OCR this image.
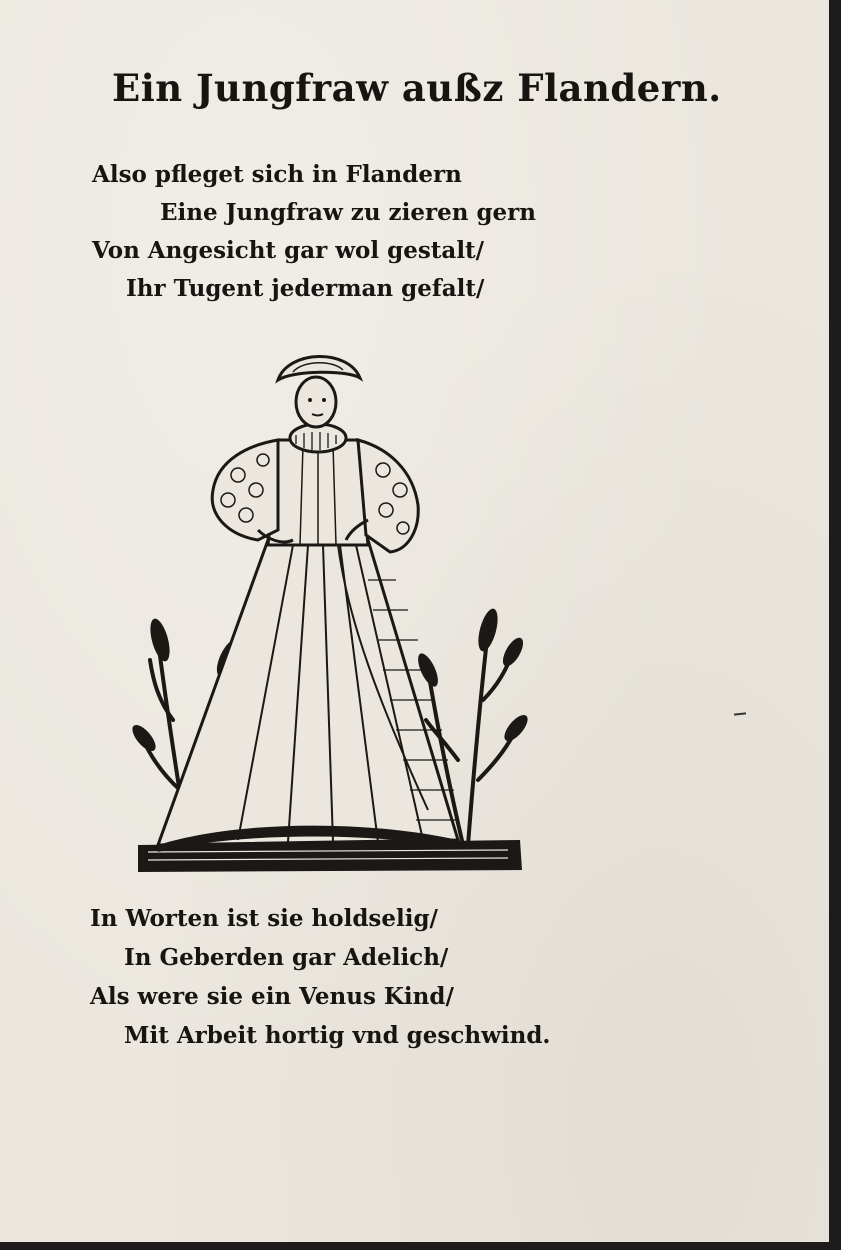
Ein Jungfraw außz Flandern.
Also pfleget sich in Flandern
Eine Jungfraw zu zieren gern
Von Angesicht gar wol gestalt/
Ihr Tugent jederman gefalt/
In Worten ist sie holdselig/
In Geberden gar Adelich/
Als were sie ein Venus Kind/
Mit Arbeit hortig vnd geschwind.
